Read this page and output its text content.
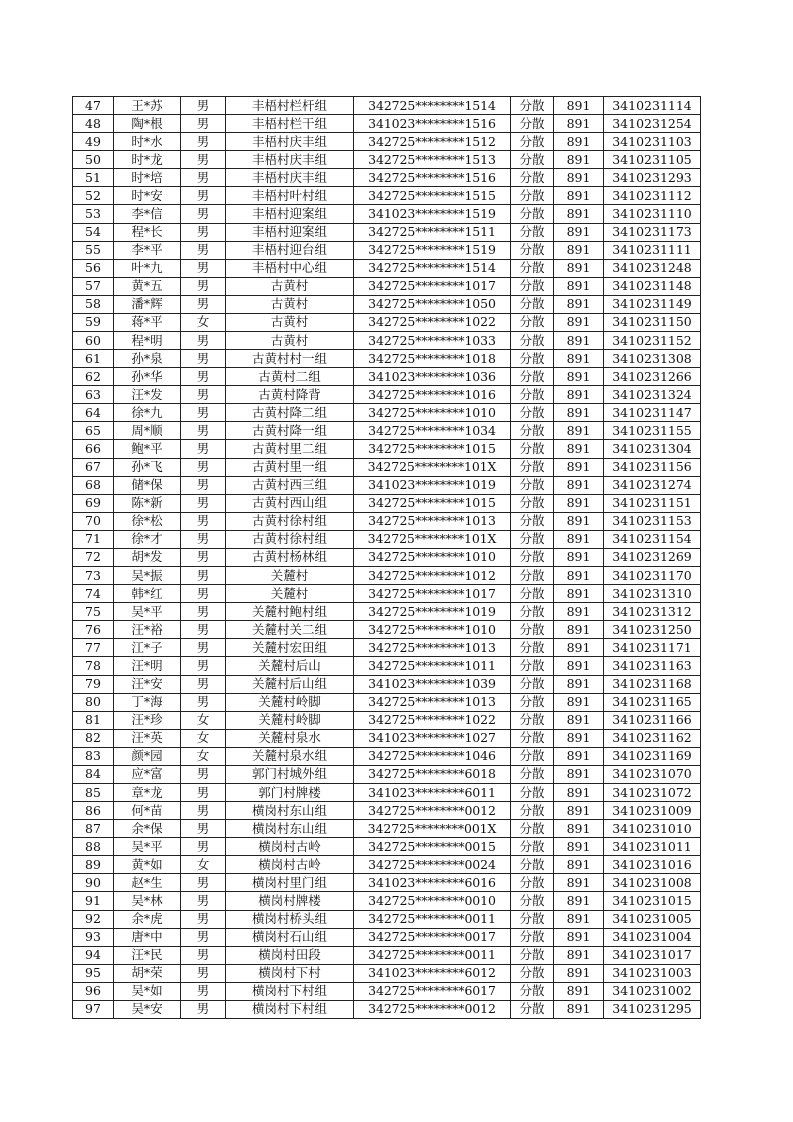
47	王*苏	男	丰梧村栏杆组	342725********1514	分散	891	3410231114
48	陶*根	男	丰梧村栏干组	341023********1516	分散	891	3410231254
49	时*水	男	丰梧村庆丰组	342725********1512	分散	891	3410231103
50	时*龙	男	丰梧村庆丰组	342725********1513	分散	891	3410231105
51	时*培	男	丰梧村庆丰组	342725********1516	分散	891	3410231293
52	时*安	男	丰梧村叶村组	342725********1515	分散	891	3410231112
53	李*信	男	丰梧村迎案组	341023********1519	分散	891	3410231110
54	程*长	男	丰梧村迎案组	342725********1511	分散	891	3410231173
55	李*平	男	丰梧村迎台组	342725********1519	分散	891	3410231111
56	叶*九	男	丰梧村中心组	342725********1514	分散	891	3410231248
57	黄*五	男	古黄村	342725********1017	分散	891	3410231148
58	潘*辉	男	古黄村	342725********1050	分散	891	3410231149
59	蒋*平	女	古黄村	342725********1022	分散	891	3410231150
60	程*明	男	古黄村	342725********1033	分散	891	3410231152
61	孙*泉	男	古黄村村一组	342725********1018	分散	891	3410231308
62	孙*华	男	古黄村二组	341023********1036	分散	891	3410231266
63	汪*发	男	古黄村降背	342725********1016	分散	891	3410231324
64	徐*九	男	古黄村降二组	342725********1010	分散	891	3410231147
65	周*顺	男	古黄村降一组	342725********1034	分散	891	3410231155
66	鲍*平	男	古黄村里二组	342725********1015	分散	891	3410231304
67	孙*飞	男	古黄村里一组	342725********101X	分散	891	3410231156
68	储*保	男	古黄村西三组	341023********1019	分散	891	3410231274
69	陈*新	男	古黄村西山组	342725********1015	分散	891	3410231151
70	徐*松	男	古黄村徐村组	342725********1013	分散	891	3410231153
71	徐*才	男	古黄村徐村组	342725********101X	分散	891	3410231154
72	胡*发	男	古黄村杨林组	342725********1010	分散	891	3410231269
73	吴*振	男	关麓村	342725********1012	分散	891	3410231170
74	韩*红	男	关麓村	342725********1017	分散	891	3410231310
75	吴*平	男	关麓村鲍村组	342725********1019	分散	891	3410231312
76	汪*裕	男	关麓村关二组	342725********1010	分散	891	3410231250
77	江*子	男	关麓村宏田组	342725********1013	分散	891	3410231171
78	汪*明	男	关麓村后山	342725********1011	分散	891	3410231163
79	汪*安	男	关麓村后山组	341023********1039	分散	891	3410231168
80	丁*海	男	关麓村岭脚	342725********1013	分散	891	3410231165
81	汪*珍	女	关麓村岭脚	342725********1022	分散	891	3410231166
82	汪*英	女	关麓村泉水	341023********1027	分散	891	3410231162
83	颜*园	女	关麓村泉水组	342725********1046	分散	891	3410231169
84	应*富	男	郭门村城外组	342725********6018	分散	891	3410231070
85	章*龙	男	郭门村牌楼	341023********6011	分散	891	3410231072
86	何*苗	男	横岗村东山组	342725********0012	分散	891	3410231009
87	余*保	男	横岗村东山组	342725********001X	分散	891	3410231010
88	吴*平	男	横岗村古岭	342725********0015	分散	891	3410231011
89	黄*如	女	横岗村古岭	342725********0024	分散	891	3410231016
90	赵*生	男	横岗村里门组	341023********6016	分散	891	3410231008
91	吴*林	男	横岗村牌楼	342725********0010	分散	891	3410231015
92	余*虎	男	横岗村桥头组	342725********0011	分散	891	3410231005
93	唐*中	男	横岗村石山组	342725********0017	分散	891	3410231004
94	汪*民	男	横岗村田段	342725********0011	分散	891	3410231017
95	胡*荣	男	横岗村下村	341023********6012	分散	891	3410231003
96	吴*如	男	横岗村下村组	342725********6017	分散	891	3410231002
97	吴*安	男	横岗村下村组	342725********0012	分散	891	3410231295
